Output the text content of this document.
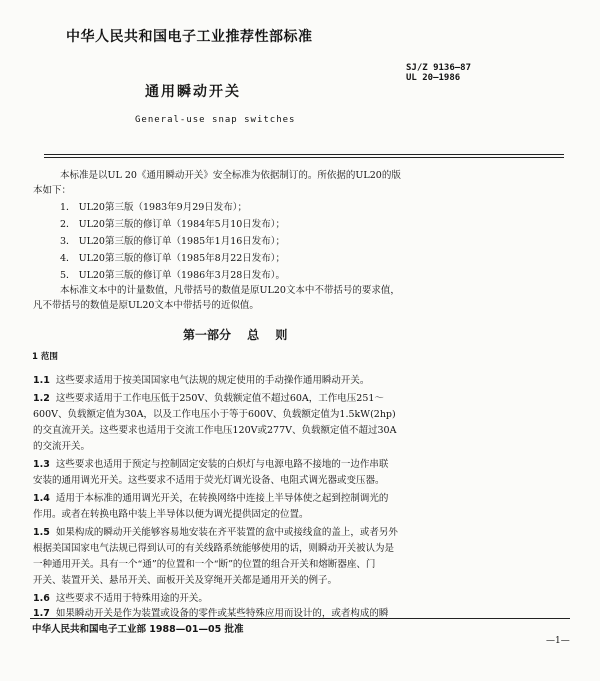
中华人民共和国电子工业推荐性部标准
SJ/Z 9136—87
UL 20—1986
通用瞬动开关
General-use snap switches
本标准是以UL 20《通用瞬动开关》安全标准为依据制订的。所依据的UL20的版
本如下：
1． UL20第三版（1983年9月29日发布）；
2． UL20第三版的修订单（1984年5月10日发布）；
3． UL20第三版的修订单（1985年1月16日发布）；
4． UL20第三版的修订单（1985年8月22日发布）；
5． UL20第三版的修订单（1986年3月28日发布）。
本标准文本中的计量数值，凡带括号的数值是原UL20文本中不带括号的要求值，
凡不带括号的数值是原UL20文本中带括号的近似值。
第一部分 总 则
1 范围
1.1 这些要求适用于按美国国家电气法规的规定使用的手动操作通用瞬动开关。
1.2 这些要求适用于工作电压低于250V、负载额定值不超过60A，工作电压251～
600V、负载额定值为30A，以及工作电压小于等于600V、负载额定值为1.5kW(2hp)
的交直流开关。这些要求也适用于交流工作电压120V或277V、负载额定值不超过30A
的交流开关。
1.3 这些要求也适用于预定与控制固定安装的白炽灯与电源电路不接地的一边作串联
安装的通用调光开关。这些要求不适用于荧光灯调光设备、电阻式调光器或变压器。
1.4 适用于本标准的通用调光开关，在转换网络中连接上半导体使之起到控制调光的
作用。或者在转换电路中装上半导体以便为调光提供固定的位置。
1.5 如果构成的瞬动开关能够容易地安装在齐平装置的盒中或接线盒的盖上，或者另外
根据美国国家电气法规已得到认可的有关线路系统能够使用的话，则瞬动开关被认为是
一种通用开关。具有一个“通”的位置和一个“断”的位置的组合开关和熔断器座、门
开关、装置开关、悬吊开关、面板开关及穿绳开关都是通用开关的例子。
1.6 这些要求不适用于特殊用途的开关。
1.7 如果瞬动开关是作为装置或设备的零件或某些特殊应用而设计的，或者构成的瞬
中华人民共和国电子工业部 1988—01—05 批准
—1—
